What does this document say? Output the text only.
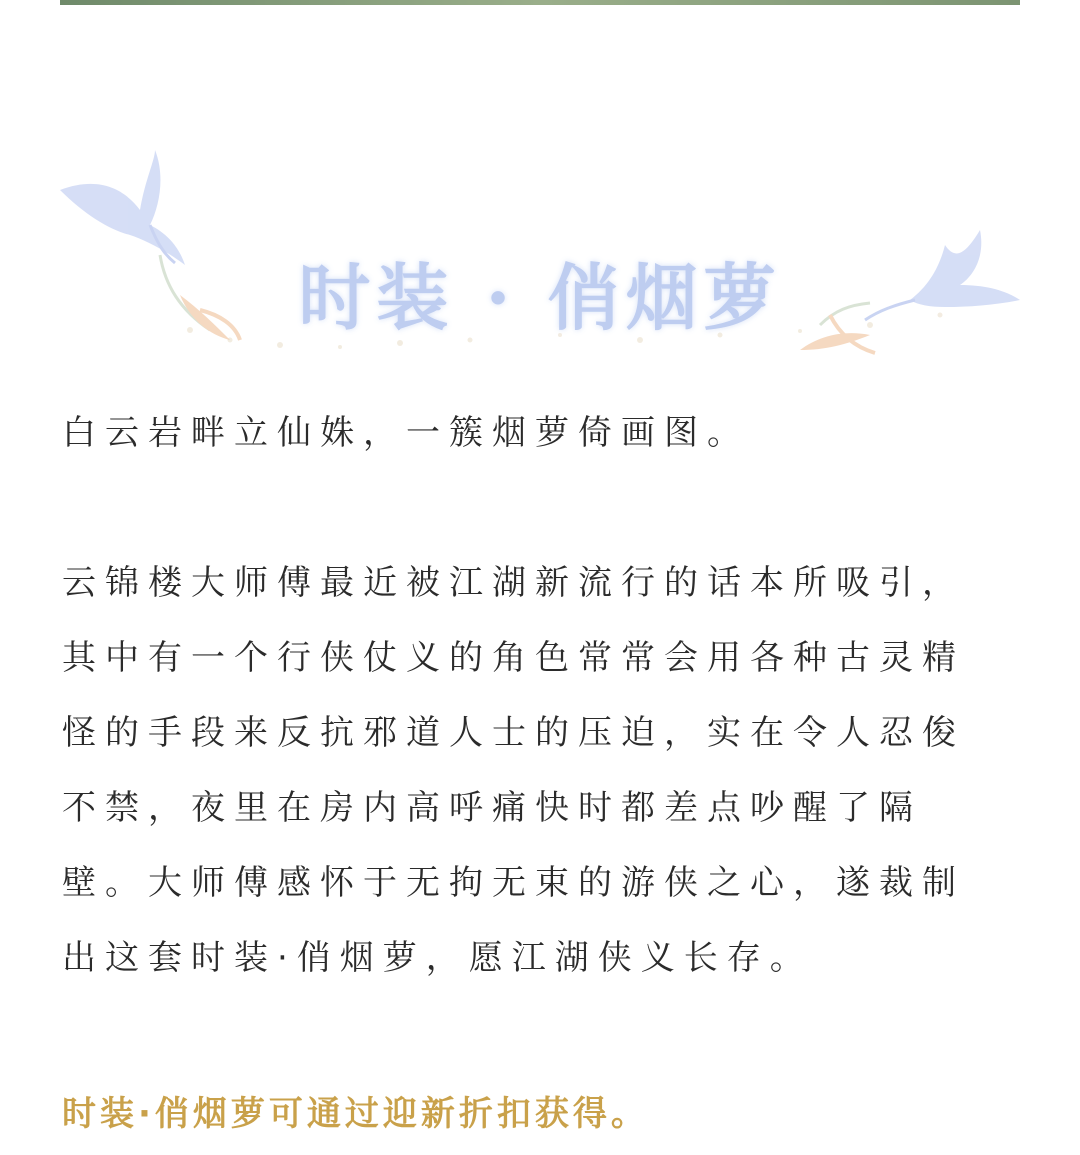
时装 · 俏烟萝

白云岩畔立仙姝，一簇烟萝倚画图。

云锦楼大师傅最近被江湖新流行的话本所吸引，
其中有一个行侠仗义的角色常常会用各种古灵精
怪的手段来反抗邪道人士的压迫，实在令人忍俊
不禁，夜里在房内高呼痛快时都差点吵醒了隔
壁。大师傅感怀于无拘无束的游侠之心，遂裁制
出这套时装·俏烟萝，愿江湖侠义长存。

时装·俏烟萝可通过迎新折扣获得。
